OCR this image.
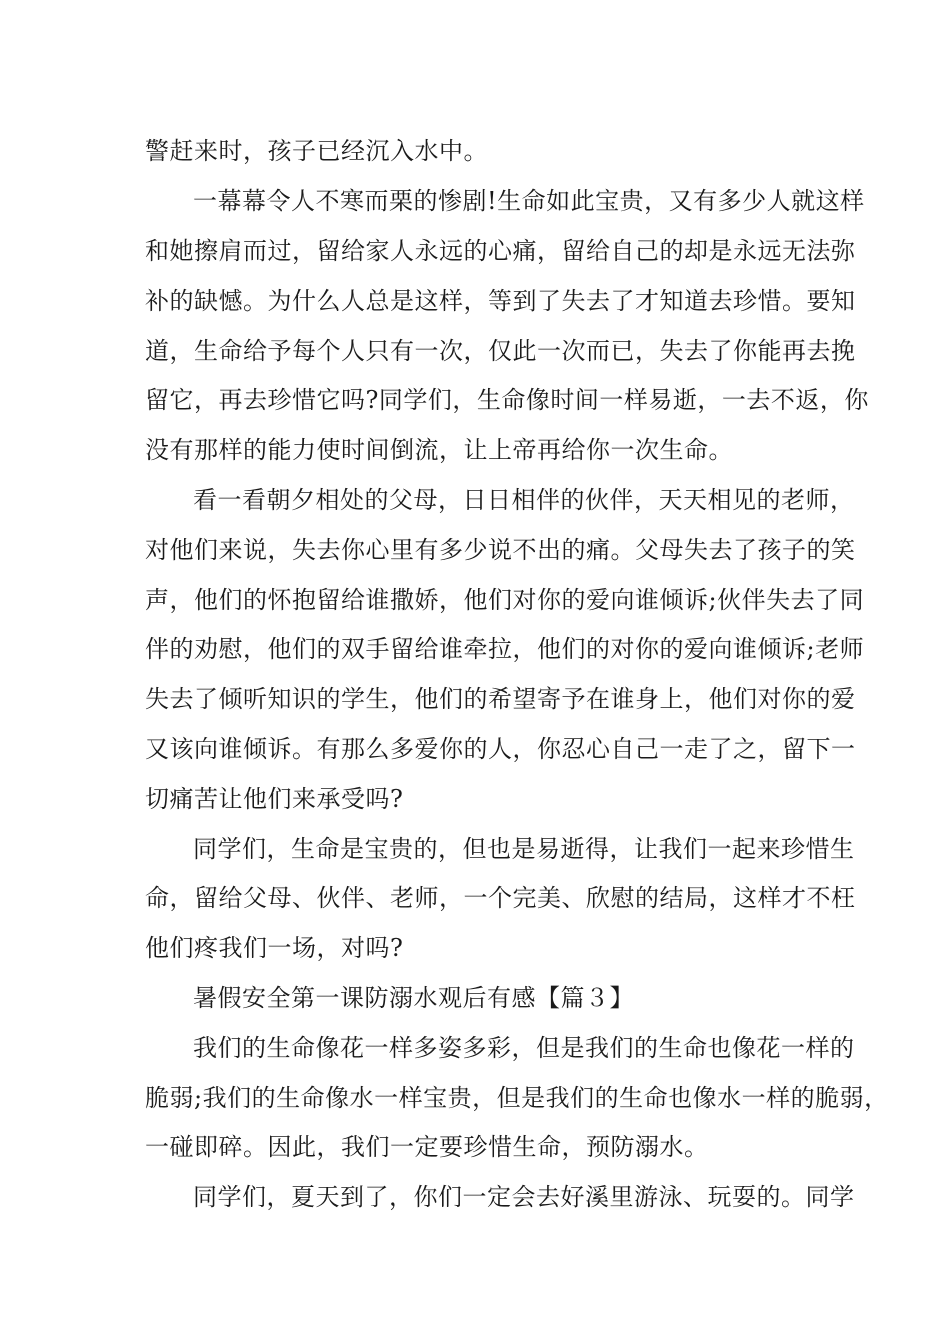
警赶来时，孩子已经沉入水中。
一幕幕令人不寒而栗的惨剧!生命如此宝贵，又有多少人就这样
和她擦肩而过，留给家人永远的心痛，留给自己的却是永远无法弥
补的缺憾。为什么人总是这样，等到了失去了才知道去珍惜。要知
道，生命给予每个人只有一次，仅此一次而已，失去了你能再去挽
留它，再去珍惜它吗?同学们，生命像时间一样易逝，一去不返，你
没有那样的能力使时间倒流，让上帝再给你一次生命。
看一看朝夕相处的父母，日日相伴的伙伴，天天相见的老师，
对他们来说，失去你心里有多少说不出的痛。父母失去了孩子的笑
声，他们的怀抱留给谁撒娇，他们对你的爱向谁倾诉;伙伴失去了同
伴的劝慰，他们的双手留给谁牵拉，他们的对你的爱向谁倾诉;老师
失去了倾听知识的学生，他们的希望寄予在谁身上，他们对你的爱
又该向谁倾诉。有那么多爱你的人，你忍心自己一走了之，留下一
切痛苦让他们来承受吗?
同学们，生命是宝贵的，但也是易逝得，让我们一起来珍惜生
命，留给父母、伙伴、老师，一个完美、欣慰的结局，这样才不枉
他们疼我们一场，对吗?
暑假安全第一课防溺水观后有感【篇３】
我们的生命像花一样多姿多彩，但是我们的生命也像花一样的
脆弱;我们的生命像水一样宝贵，但是我们的生命也像水一样的脆弱，
一碰即碎。因此，我们一定要珍惜生命，预防溺水。
同学们，夏天到了，你们一定会去好溪里游泳、玩耍的。同学
